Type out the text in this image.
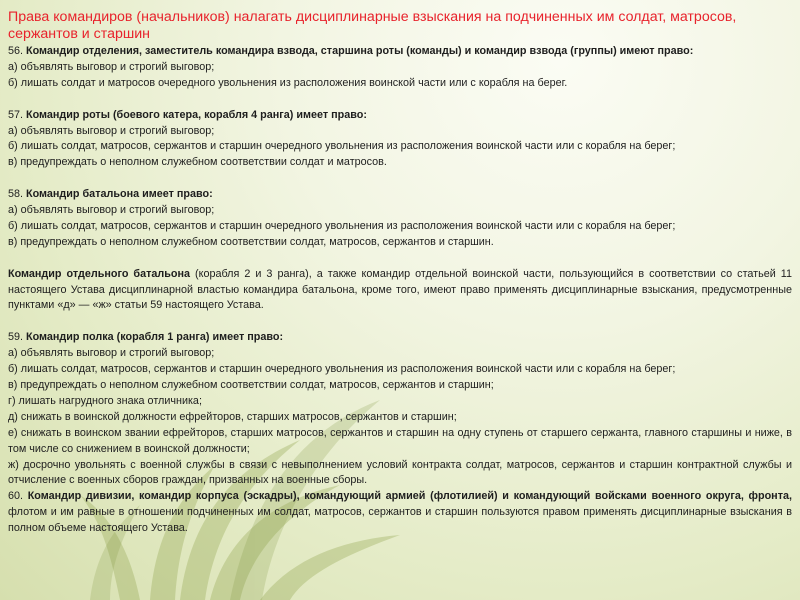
Права командиров (начальников) налагать дисциплинарные взыскания на подчиненных им солдат, матросов, сержантов и старшин

56. Командир отделения, заместитель командира взвода, старшина роты (команды) и командир взвода (группы) имеют право:

а) объявлять выговор и строгий выговор;

б) лишать солдат и матросов очередного увольнения из расположения воинской части или с корабля на берег.

57. Командир роты (боевого катера, корабля 4 ранга) имеет право:

а) объявлять выговор и строгий выговор;

б) лишать солдат, матросов, сержантов и старшин очередного увольнения из расположения воинской части или с корабля на берег;

в) предупреждать о неполном служебном соответствии солдат и матросов.

58. Командир батальона имеет право:

а) объявлять выговор и строгий выговор;

б) лишать солдат, матросов, сержантов и старшин очередного увольнения из расположения воинской части или с корабля на берег;

в) предупреждать о неполном служебном соответствии солдат, матросов, сержантов и старшин.

Командир отдельного батальона (корабля 2 и 3 ранга), а также командир отдельной воинской части, пользующийся в соответствии со статьей 11 настоящего Устава дисциплинарной властью командира батальона, кроме того, имеют право применять дисциплинарные взыскания, предусмотренные пунктами «д» — «ж» статьи 59 настоящего Устава.

59. Командир полка (корабля 1 ранга) имеет право:

а) объявлять выговор и строгий выговор;

б) лишать солдат, матросов, сержантов и старшин очередного увольнения из расположения воинской части или с корабля на берег;

в) предупреждать о неполном служебном соответствии солдат, матросов, сержантов и старшин;

г) лишать нагрудного знака отличника;

д) снижать в воинской должности ефрейторов, старших матросов, сержантов и старшин;

е) снижать в воинском звании ефрейторов, старших матросов, сержантов и старшин на одну ступень от старшего сержанта, главного старшины и ниже, в том числе со снижением в воинской должности;

ж) досрочно увольнять с военной службы в связи с невыполнением условий контракта солдат, матросов, сержантов и старшин контрактной службы и отчисление с военных сборов граждан, призванных на военные сборы.

60. Командир дивизии, командир корпуса (эскадры), командующий армией (флотилией) и командующий войсками военного округа, фронта, флотом и им равные в отношении подчиненных им солдат, матросов, сержантов и старшин пользуются правом применять дисциплинарные взыскания в полном объеме настоящего Устава.
